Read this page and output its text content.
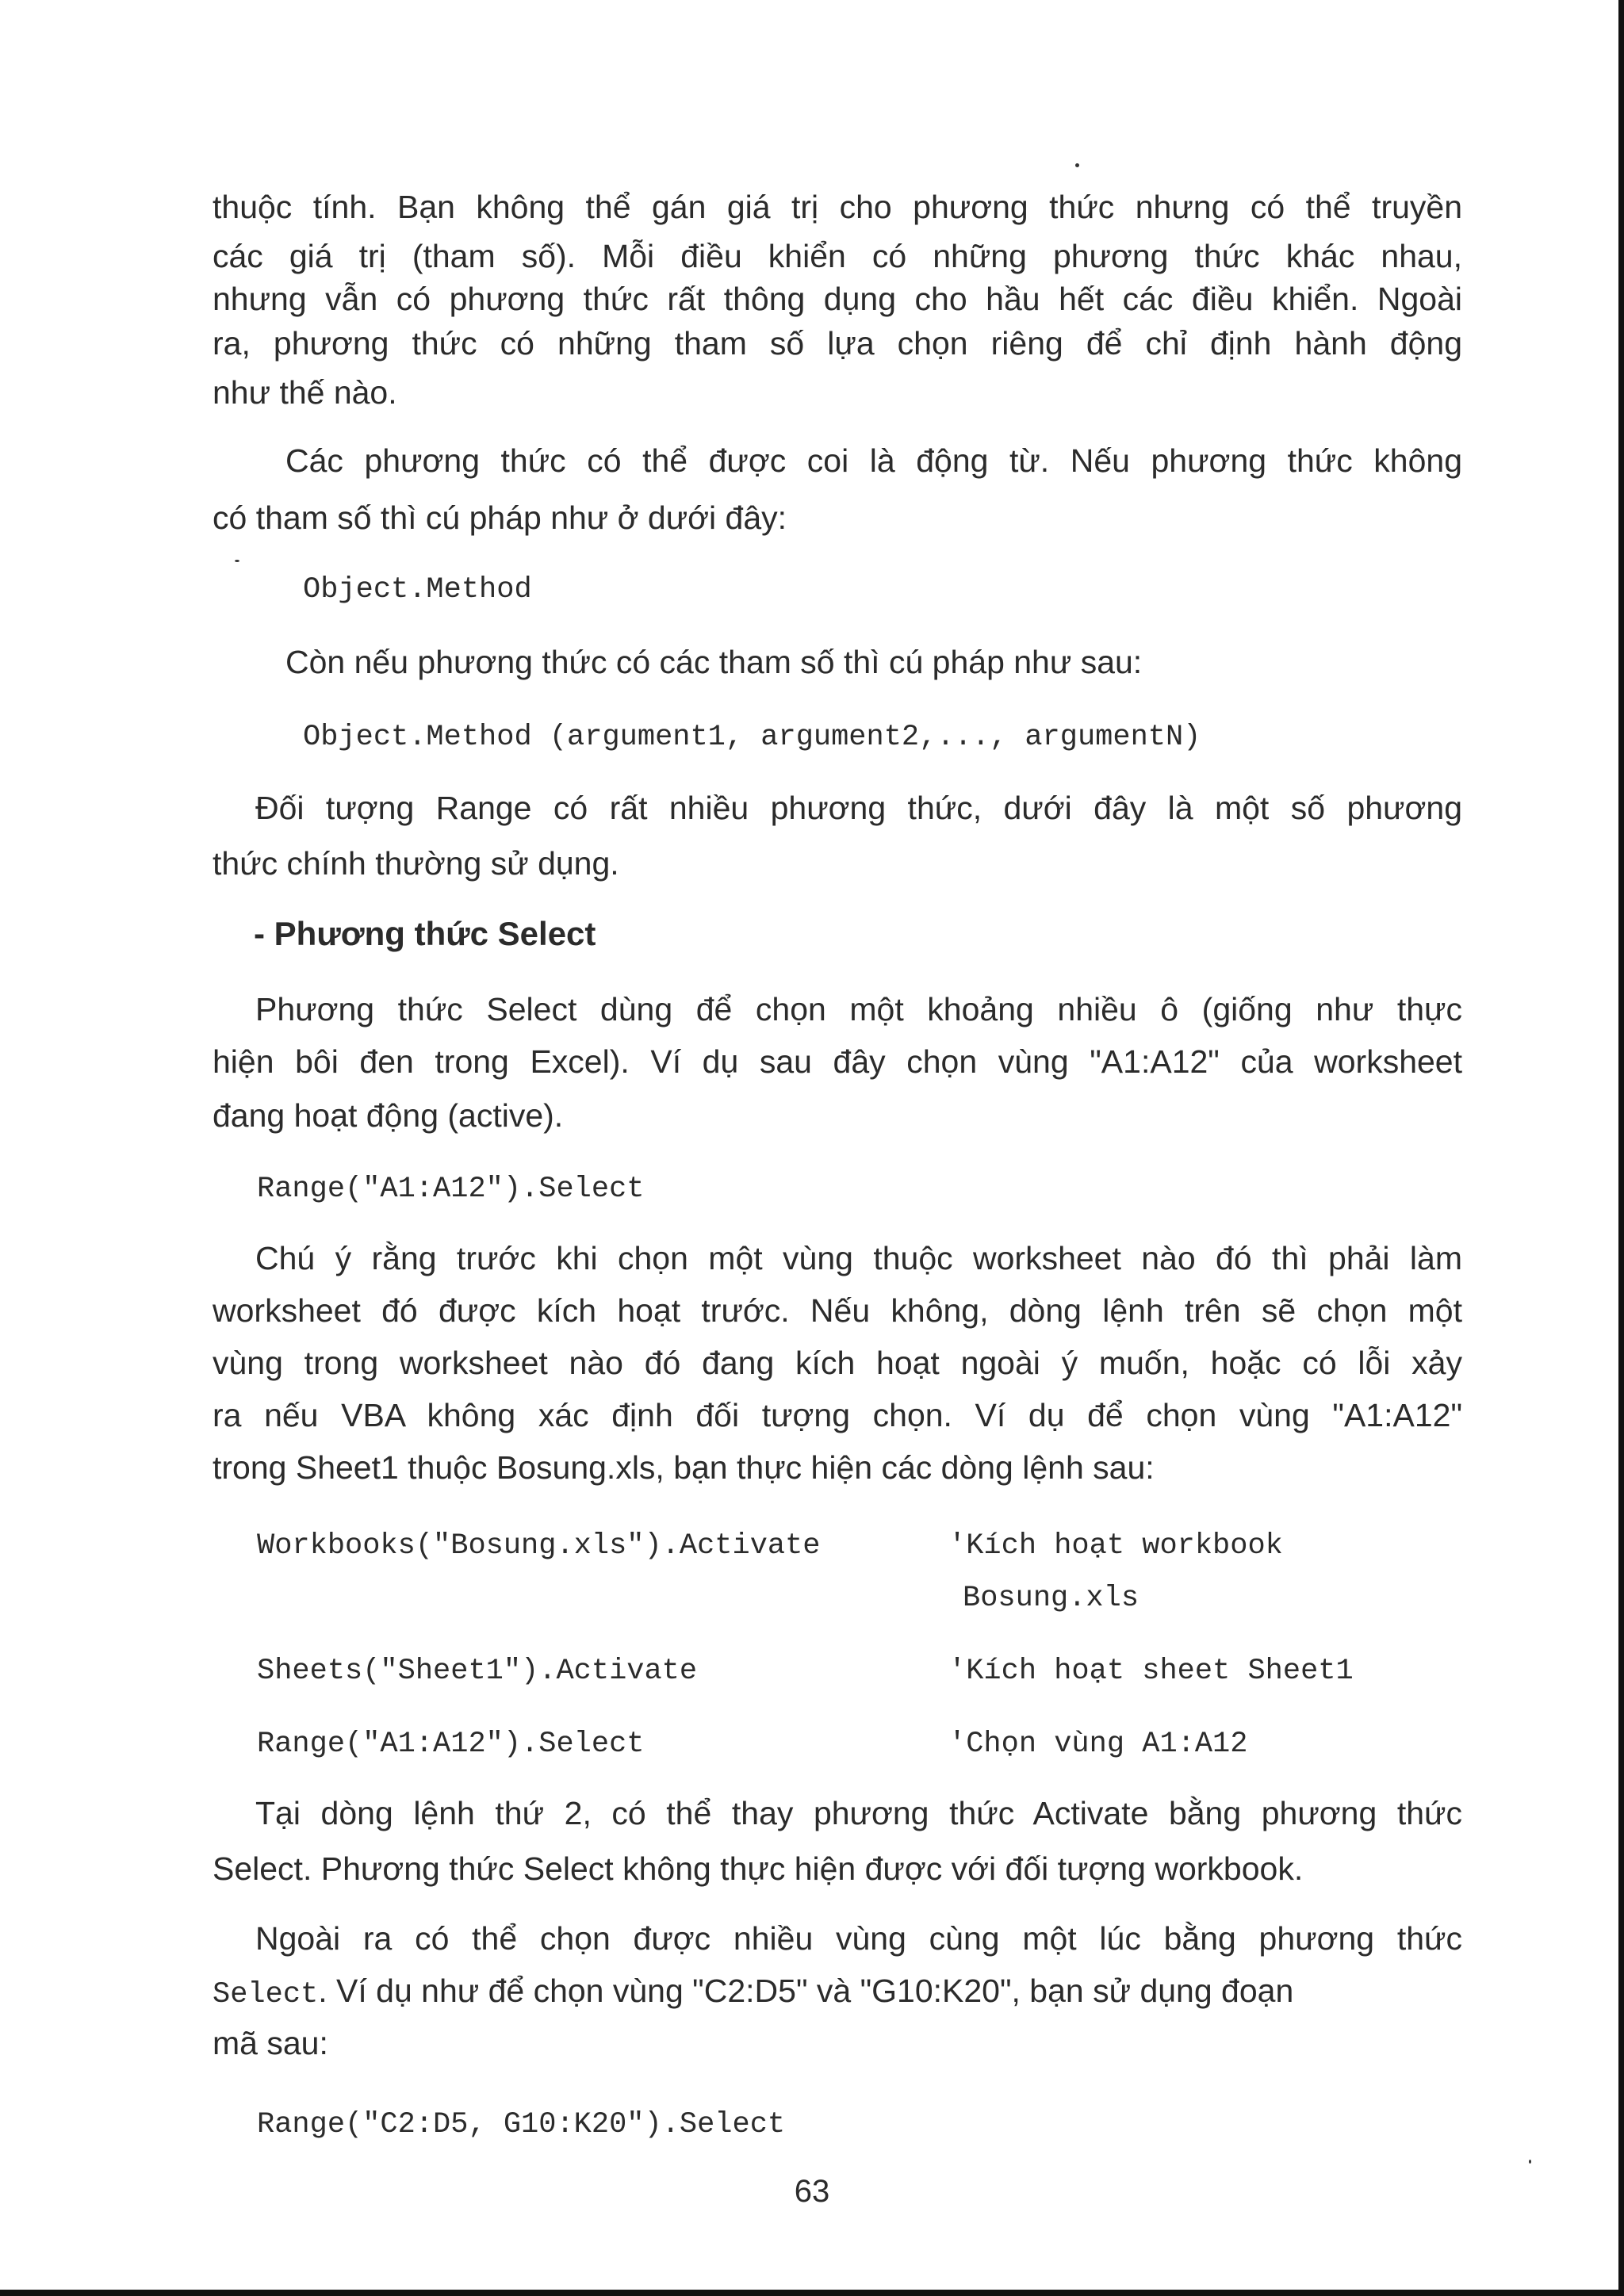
thuộc tính. Bạn không thể gán giá trị cho phương thức nhưng có thể truyền
các giá trị (tham số). Mỗi điều khiển có những phương thức khác nhau,
nhưng vẫn có phương thức rất thông dụng cho hầu hết các điều khiển. Ngoài
ra, phương thức có những tham số lựa chọn riêng để chỉ định hành động
như thế nào.
Các phương thức có thể được coi là động từ. Nếu phương thức không
có tham số thì cú pháp như ở dưới đây:
Object.Method
Còn nếu phương thức có các tham số thì cú pháp như sau:
Object.Method (argument1, argument2,..., argumentN)
Đối tượng Range có rất nhiều phương thức, dưới đây là một số phương
thức chính thường sử dụng.
- Phương thức Select
Phương thức Select dùng để chọn một khoảng nhiều ô (giống như thực
hiện bôi đen trong Excel). Ví dụ sau đây chọn vùng "A1:A12" của worksheet
đang hoạt động (active).
Range("A1:A12").Select
Chú ý rằng trước khi chọn một vùng thuộc worksheet nào đó thì phải làm
worksheet đó được kích hoạt trước. Nếu không, dòng lệnh trên sẽ chọn một
vùng trong worksheet nào đó đang kích hoạt ngoài ý muốn, hoặc có lỗi xảy
ra nếu VBA không xác định đối tượng chọn. Ví dụ để chọn vùng "A1:A12"
trong Sheet1 thuộc Bosung.xls, bạn thực hiện các dòng lệnh sau:
Workbooks("Bosung.xls").Activate	'Kích hoạt workbook
Bosung.xls
Sheets("Sheet1").Activate	'Kích hoạt sheet Sheet1
Range("A1:A12").Select	'Chọn vùng A1:A12
Tại dòng lệnh thứ 2, có thể thay phương thức Activate bằng phương thức
Select. Phương thức Select không thực hiện được với đối tượng workbook.
Ngoài ra có thể chọn được nhiều vùng cùng một lúc bằng phương thức
Select. Ví dụ như để chọn vùng "C2:D5" và "G10:K20", bạn sử dụng đoạn
mã sau:
Range("C2:D5, G10:K20").Select
63
